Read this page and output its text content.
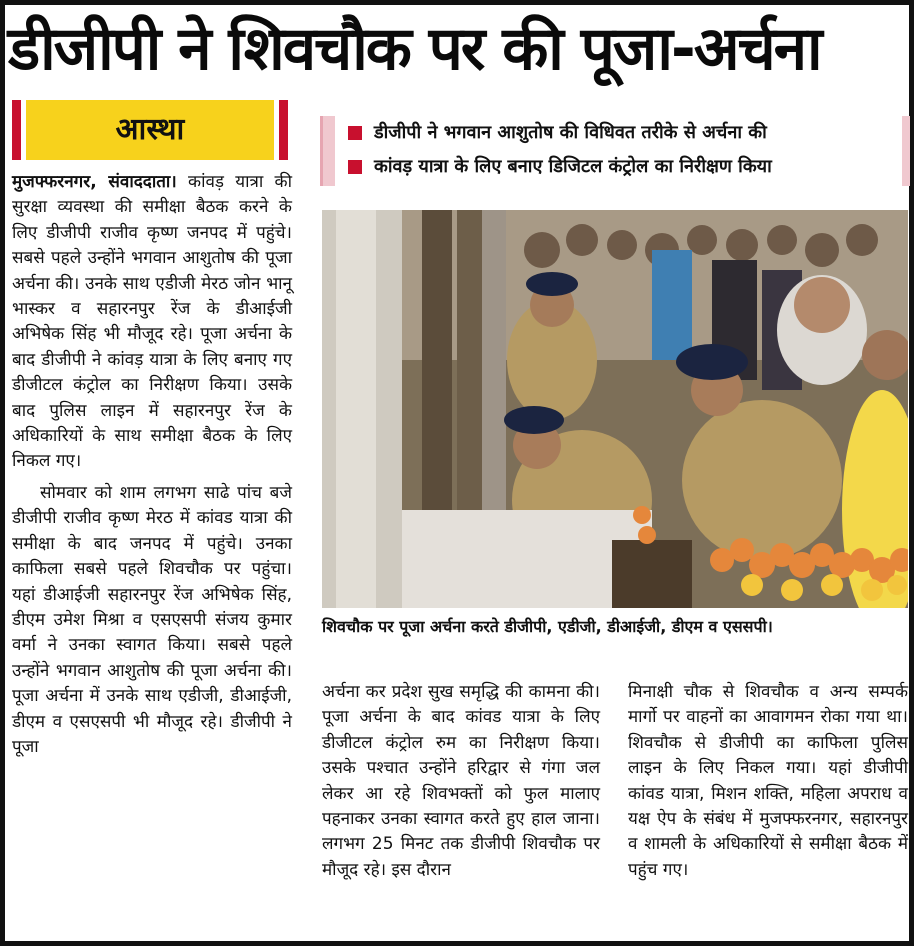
डीजीपी ने शिवचौक पर की पूजा-अर्चना
आस्था	डीजीपी ने भगवान आशुतोष की विधिवत तरीके से अर्चना की
कांवड़ यात्रा के लिए बनाए डिजिटल कंट्रोल का निरीक्षण किया

मुजफ्फरनगर, संवाददाता। कांवड़ यात्रा की सुरक्षा व्यवस्था की समीक्षा बैठक करने के लिए डीजीपी राजीव कृष्ण जनपद में पहुंचे। सबसे पहले उन्होंने भगवान आशुतोष की पूजा अर्चना की। उनके साथ एडीजी मेरठ जोन भानू भास्कर व सहारनपुर रेंज के डीआईजी अभिषेक सिंह भी मौजूद रहे। पूजा अर्चना के बाद डीजीपी ने कांवड़ यात्रा के लिए बनाए गए डीजीटल कंट्रोल का निरीक्षण किया। उसके बाद पुलिस लाइन में सहारनपुर रेंज के अधिकारियों के साथ समीक्षा बैठक के लिए निकल गए।

सोमवार को शाम लगभग साढे पांच बजे डीजीपी राजीव कृष्ण मेरठ में कांवड यात्रा की समीक्षा के बाद जनपद में पहुंचे। उनका काफिला सबसे पहले शिवचौक पर पहुंचा। यहां डीआईजी सहारनपुर रेंज अभिषेक सिंह, डीएम उमेश मिश्रा व एसएसपी संजय कुमार वर्मा ने उनका स्वागत किया। सबसे पहले उन्होंने भगवान आशुतोष की पूजा अर्चना की। पूजा अर्चना में उनके साथ एडीजी, डीआईजी, डीएम व एसएसपी भी मौजूद रहे। डीजीपी ने पूजा

शिवचौक पर पूजा अर्चना करते डीजीपी, एडीजी, डीआईजी, डीएम व एससपी।

अर्चना कर प्रदेश सुख समृद्धि की कामना की। पूजा अर्चना के बाद कांवड यात्रा के लिए डीजीटल कंट्रोल रुम का निरीक्षण किया। उसके पश्चात उन्होंने हरिद्वार से गंगा जल लेकर आ रहे शिवभक्तों को फुल मालाए पहनाकर उनका स्वागत करते हुए हाल जाना। लगभग 25 मिनट तक डीजीपी शिवचौक पर मौजूद रहे। इस दौरान

मिनाक्षी चौक से शिवचौक व अन्य सम्पर्क मार्गो पर वाहनों का आवागमन रोका गया था। शिवचौक से डीजीपी का काफिला पुलिस लाइन के लिए निकल गया। यहां डीजीपी कांवड यात्रा, मिशन शक्ति, महिला अपराध व यक्ष ऐप के संबंध में मुजफ्फरनगर, सहारनपुर व शामली के अधिकारियों से समीक्षा बैठक में पहुंच गए।
